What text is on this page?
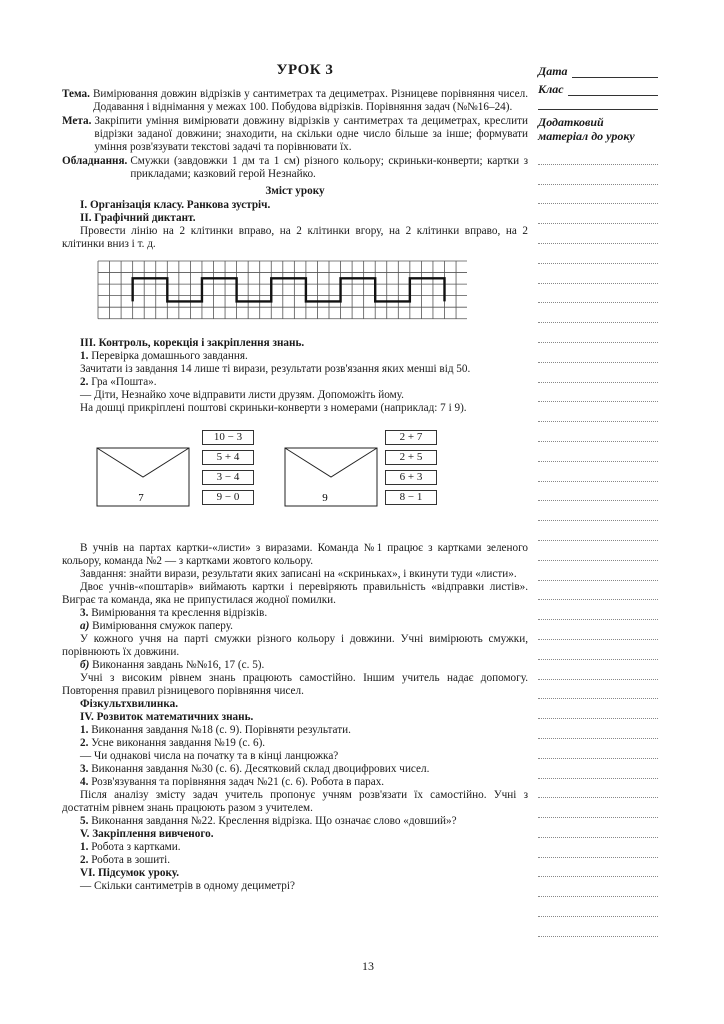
УРОК 3
Тема. Вимірювання довжин відрізків у сантиметрах та дециметрах. Різницеве порівняння чисел. Додавання і віднімання у межах 100. Побудова відрізків. Порівняння задач (№№16–24).
Мета. Закріпити уміння вимірювати довжину відрізків у сантиметрах та дециметрах, креслити відрізки заданої довжини; знаходити, на скільки одне число більше за інше; формувати уміння розв'язувати текстові задачі та порівнювати їх.
Обладнання. Смужки (завдовжки 1 дм та 1 см) різного кольору; скриньки-конверти; картки з прикладами; казковий герой Незнайко.
Зміст уроку
I. Організація класу. Ранкова зустріч.
II. Графічний диктант.

Провести лінію на 2 клітинки вправо, на 2 клітинки вгору, на 2 клітинки вправо, на 2 клітинки вниз і т. д.

III. Контроль, корекція і закріплення знань.
1. Перевірка домашнього завдання.

Зачитати із завдання 14 лише ті вирази, результати розв'язання яких менші від 50.

2. Гра «Пошта».

— Діти, Незнайко хоче відправити листи друзям. Допоможіть йому.

На дошці прикріплені поштові скриньки-конверти з номерами (наприклад: 7 і 9).

7
10 − 3
5 + 4
3 − 4
9 − 0	9
2 + 7
2 + 5
6 + 3
8 − 1

В учнів на партах картки-«листи» з виразами. Команда №1 працює з картками зеленого кольору, команда №2 — з картками жовтого кольору.

Завдання: знайти вирази, результати яких записані на «скриньках», і вкинути туди «листи».

Двоє учнів-«поштарів» виймають картки і перевіряють правильність «відправки листів». Виграє та команда, яка не припустилася жодної помилки.

3. Вимірювання та креслення відрізків.
а) Вимірювання смужок паперу.

У кожного учня на парті смужки різного кольору і довжини. Учні вимірюють смужки, порівнюють їх довжини.

б) Виконання завдань №№16, 17 (с. 5).

Учні з високим рівнем знань працюють самостійно. Іншим учитель надає допомогу. Повторення правил різницевого порівняння чисел.

Фізкультхвилинка.
IV. Розвиток математичних знань.
1. Виконання завдання №18 (с. 9). Порівняти результати.
2. Усне виконання завдання №19 (с. 6).
— Чи однакові числа на початку та в кінці ланцюжка?
3. Виконання завдання №30 (с. 6). Десятковий склад двоцифрових чисел.
4. Розв'язування та порівняння задач №21 (с. 6). Робота в парах.

Після аналізу змісту задач учитель пропонує учням розв'язати їх самостійно. Учні з достатнім рівнем знань працюють разом з учителем.

5. Виконання завдання №22. Креслення відрізка. Що означає слово «довший»?
V. Закріплення вивченого.
1. Робота з картками.
2. Робота в зошиті.
VI. Підсумок уроку.
— Скільки сантиметрів в одному дециметрі?
Дата
Клас
Додатковий
матеріал до уроку
13
